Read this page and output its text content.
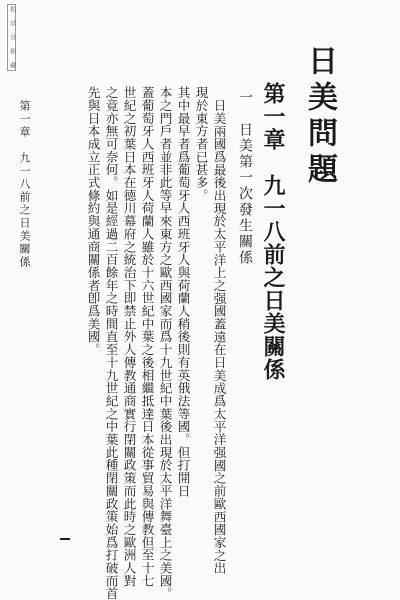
松 京 分 館 藏
日美問題
第一章　九一八前之日美關係
一　日美第一次發生關係
日美兩國爲最後出現於太平洋上之强國蓋遠在日美成爲太平洋强國之前歐西國家之出
現於東方者已甚多。
其中最早者爲葡萄牙人西班牙人與荷蘭人稍後則有英俄法等國。但打開日
本之門戶者並非此等早來東方之歐西國家而爲十九世紀中葉後出現於太平洋舞臺上之美國。
蓋葡萄牙人西班牙人荷蘭人雖於十六世紀中葉之後相繼抵達日本從事貿易與傳教但至十七
世紀之初葉日本在德川幕府之統治下即禁止外人傳教通商實行閉關政策而此時之歐洲人對
之竟亦無可奈何。如是經過二百餘年之時間直至十九世紀之中葉此種閉關政策始爲打破而首
先與日本成立正式條約與通商關係者卽爲美國。
第一章　九一八前之日美關係
